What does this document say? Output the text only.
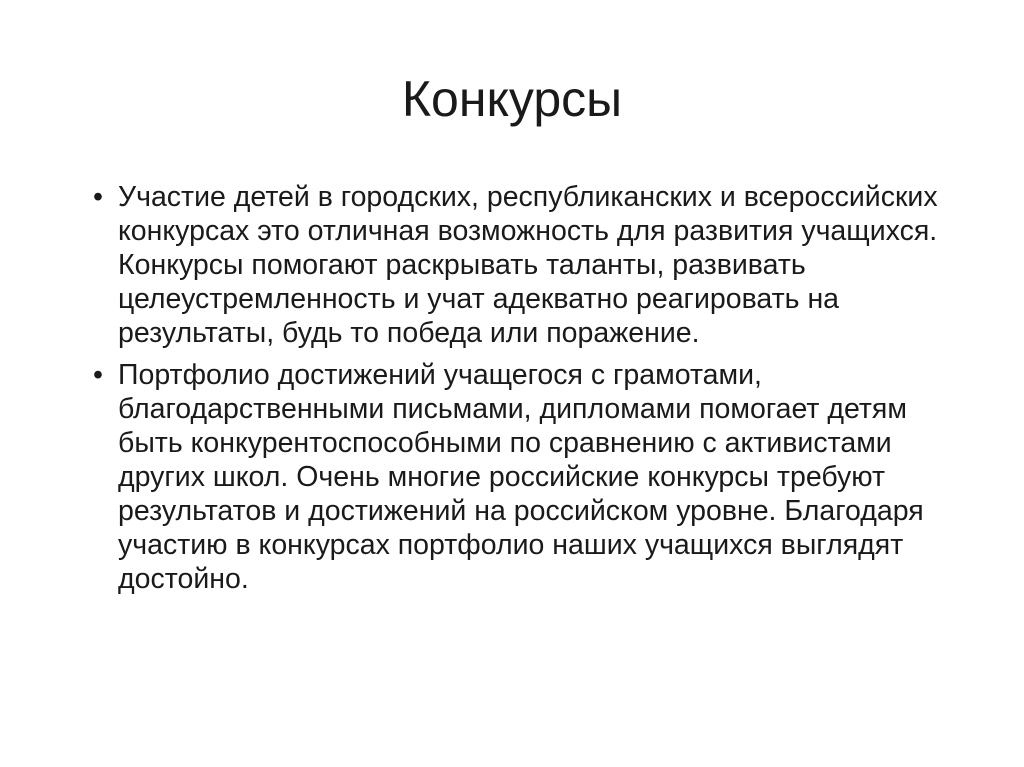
Конкурсы
• Участие детей в городских, республиканских и всероссийских конкурсах это отличная возможность для развития учащихся. Конкурсы помогают раскрывать таланты, развивать целеустремленность и учат адекватно реагировать на результаты, будь то победа или поражение.
• Портфолио достижений учащегося с грамотами, благодарственными письмами, дипломами помогает детям быть конкурентоспособными по сравнению с активистами других школ. Очень многие российские конкурсы требуют результатов и достижений на российском уровне. Благодаря участию в конкурсах портфолио наших учащихся выглядят достойно.
